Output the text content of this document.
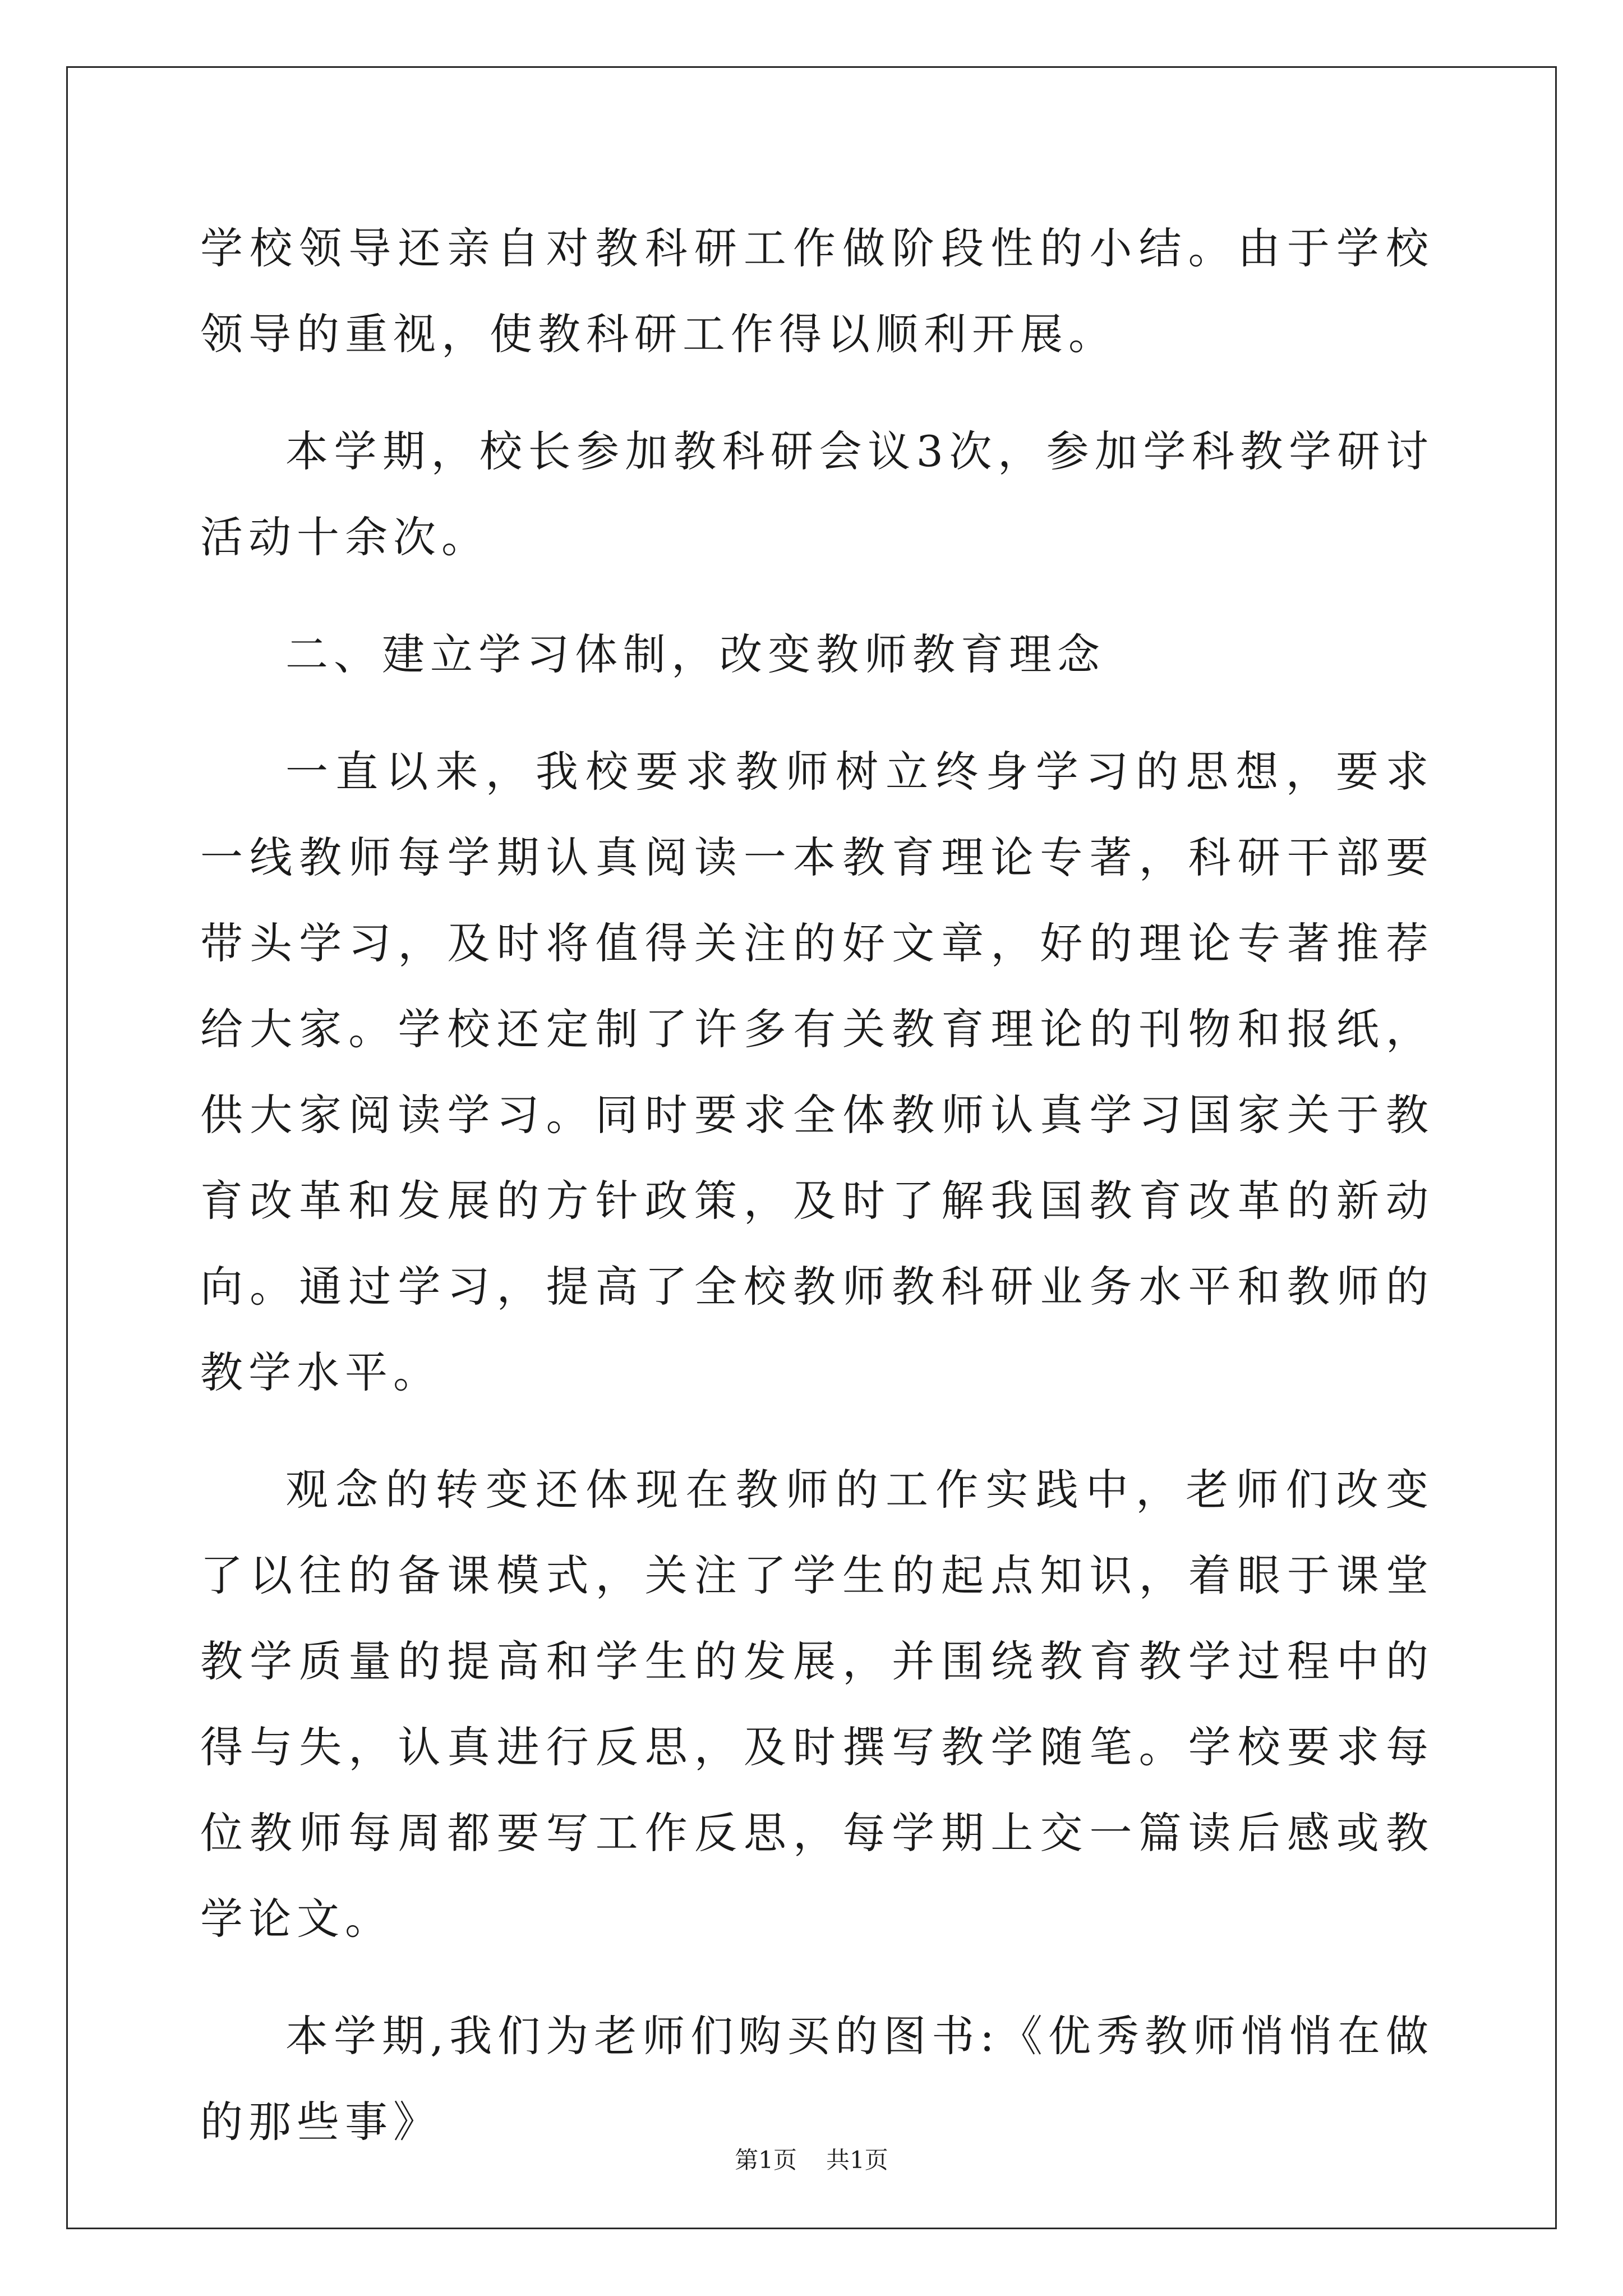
学校领导还亲自对教科研工作做阶段性的小结。由于学校领导的重视，使教科研工作得以顺利开展。

本学期，校长参加教科研会议3次，参加学科教学研讨活动十余次。

二、建立学习体制，改变教师教育理念

一直以来，我校要求教师树立终身学习的思想，要求一线教师每学期认真阅读一本教育理论专著，科研干部要带头学习，及时将值得关注的好文章，好的理论专著推荐给大家。学校还定制了许多有关教育理论的刊物和报纸，供大家阅读学习。同时要求全体教师认真学习国家关于教育改革和发展的方针政策，及时了解我国教育改革的新动向。通过学习，提高了全校教师教科研业务水平和教师的教学水平。

观念的转变还体现在教师的工作实践中，老师们改变了以往的备课模式，关注了学生的起点知识，着眼于课堂教学质量的提高和学生的发展，并围绕教育教学过程中的得与失，认真进行反思，及时撰写教学随笔。学校要求每位教师每周都要写工作反思，每学期上交一篇读后感或教学论文。

本学期,我们为老师们购买的图书:《优秀教师悄悄在做的那些事》

第1页 共1页
